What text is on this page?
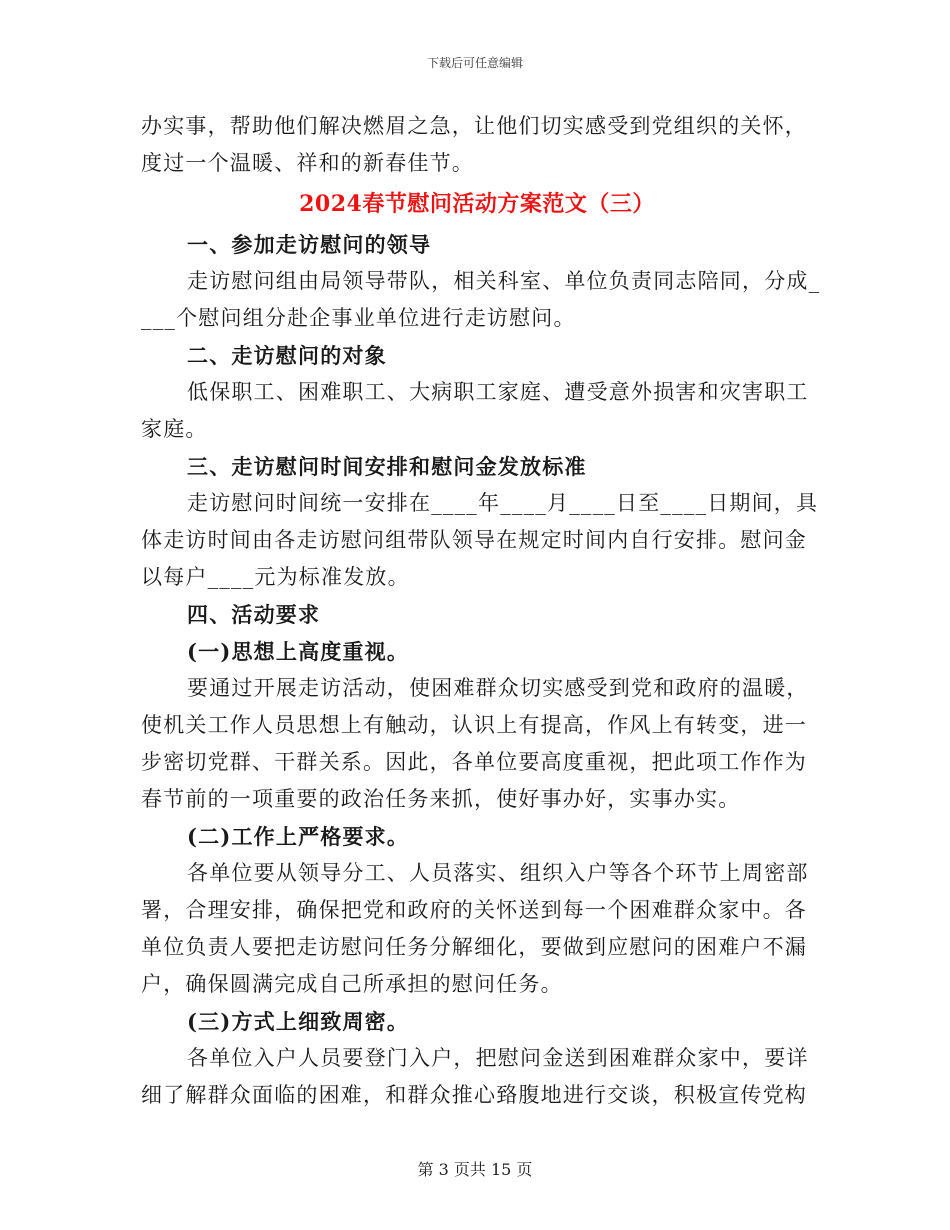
下载后可任意编辑
办实事，帮助他们解决燃眉之急，让他们切实感受到党组织的关怀，
度过一个温暖、祥和的新春佳节。
2024春节慰问活动方案范文（三）
一、参加走访慰问的领导
走访慰问组由局领导带队，相关科室、单位负责同志陪同，分成_
___个慰问组分赴企事业单位进行走访慰问。
二、走访慰问的对象
低保职工、困难职工、大病职工家庭、遭受意外损害和灾害职工
家庭。
三、走访慰问时间安排和慰问金发放标准
走访慰问时间统一安排在____年____月____日至____日期间，具
体走访时间由各走访慰问组带队领导在规定时间内自行安排。慰问金
以每户____元为标准发放。
四、活动要求
(一)思想上高度重视。
要通过开展走访活动，使困难群众切实感受到党和政府的温暖，
使机关工作人员思想上有触动，认识上有提高，作风上有转变，进一
步密切党群、干群关系。因此，各单位要高度重视，把此项工作作为
春节前的一项重要的政治任务来抓，使好事办好，实事办实。
(二)工作上严格要求。
各单位要从领导分工、人员落实、组织入户等各个环节上周密部
署，合理安排，确保把党和政府的关怀送到每一个困难群众家中。各
单位负责人要把走访慰问任务分解细化，要做到应慰问的困难户不漏
户，确保圆满完成自己所承担的慰问任务。
(三)方式上细致周密。
各单位入户人员要登门入户，把慰问金送到困难群众家中，要详
细了解群众面临的困难，和群众推心臵腹地进行交谈，积极宣传党构
第 3 页共 15 页
